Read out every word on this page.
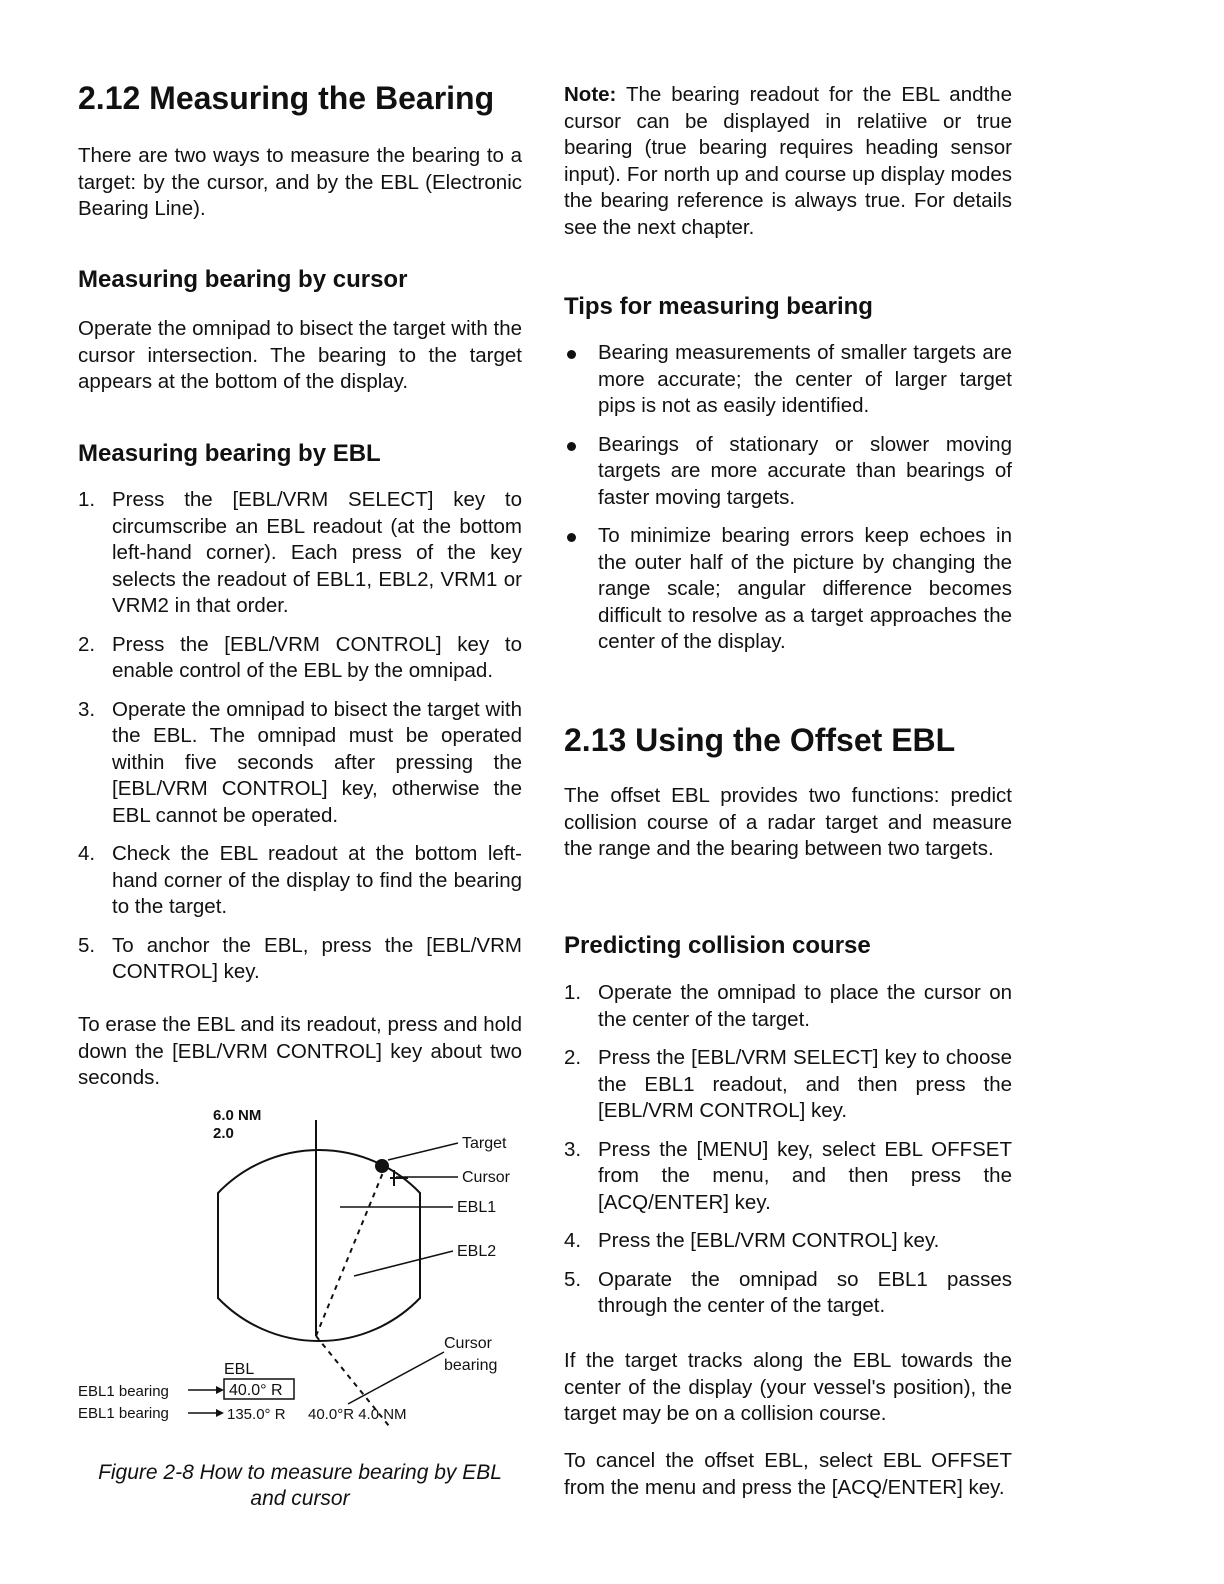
2.12 Measuring the Bearing

There are two ways to measure the bearing to a target: by the cursor, and by the EBL (Electronic Bearing Line).

Measuring bearing by cursor

Operate the omnipad to bisect the target with the cursor intersection. The bearing to the target appears at the bottom of the display.

Measuring bearing by EBL
1. Press the [EBL/VRM SELECT] key to circumscribe an EBL readout (at the bottom left-hand corner). Each press of the key selects the readout of EBL1, EBL2, VRM1 or VRM2 in that order.
2. Press the [EBL/VRM CONTROL] key to enable control of the EBL by the omnipad.
3. Operate the omnipad to bisect the target with the EBL. The omnipad must be operated within five seconds after pressing the [EBL/VRM CONTROL] key, otherwise the EBL cannot be operated.
4. Check the EBL readout at the bottom left-hand corner of the display to find the bearing to the target.
5. To anchor the EBL, press the [EBL/VRM CONTROL] key.

To erase the EBL and its readout, press and hold down the [EBL/VRM CONTROL] key about two seconds.

6.0 NM
2.0
Target
Cursor
EBL1
EBL2
Cursor
bearing
EBL
40.0° R
EBL1 bearing
EBL1 bearing	135.0° R 40.0°R 4.0 NM
Figure 2-8 How to measure bearing by EBL and cursor

Note: The bearing readout for the EBL andthe cursor can be displayed in relatiive or true bearing (true bearing requires heading sensor input). For north up and course up display modes the bearing reference is always true. For details see the next chapter.

Tips for measuring bearing
Bearing measurements of smaller targets are more accurate; the center of larger target pips is not as easily identified.
Bearings of stationary or slower moving targets are more accurate than bearings of faster moving targets.
To minimize bearing errors keep echoes in the outer half of the picture by changing the range scale; angular difference becomes difficult to resolve as a target approaches the center of the display.
2.13 Using the Offset EBL

The offset EBL provides two functions: predict collision course of a radar target and measure the range and the bearing between two targets.

Predicting collision course
1. Operate the omnipad to place the cursor on the center of the target.
2. Press the [EBL/VRM SELECT] key to choose the EBL1 readout, and then press the [EBL/VRM CONTROL] key.
3. Press the [MENU] key, select EBL OFFSET from the menu, and then press the [ACQ/ENTER] key.
4. Press the [EBL/VRM CONTROL] key.
5. Oparate the omnipad so EBL1 passes through the center of the target.

If the target tracks along the EBL towards the center of the display (your vessel's position), the target may be on a collision course.

To cancel the offset EBL, select EBL OFFSET from the menu and press the [ACQ/ENTER] key.
